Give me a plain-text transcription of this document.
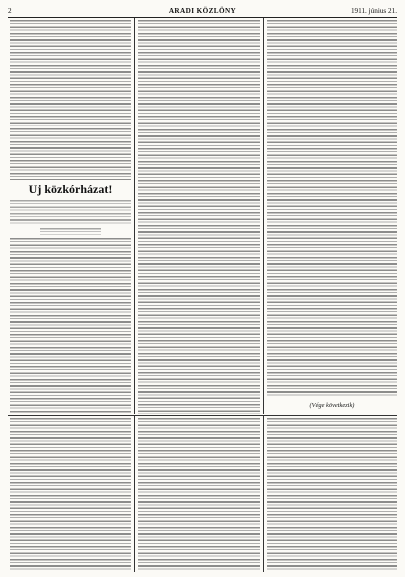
2	ARADI KÖZLÖNY	1911. június 21.
Uj közkórházat!
(Vége következik)
